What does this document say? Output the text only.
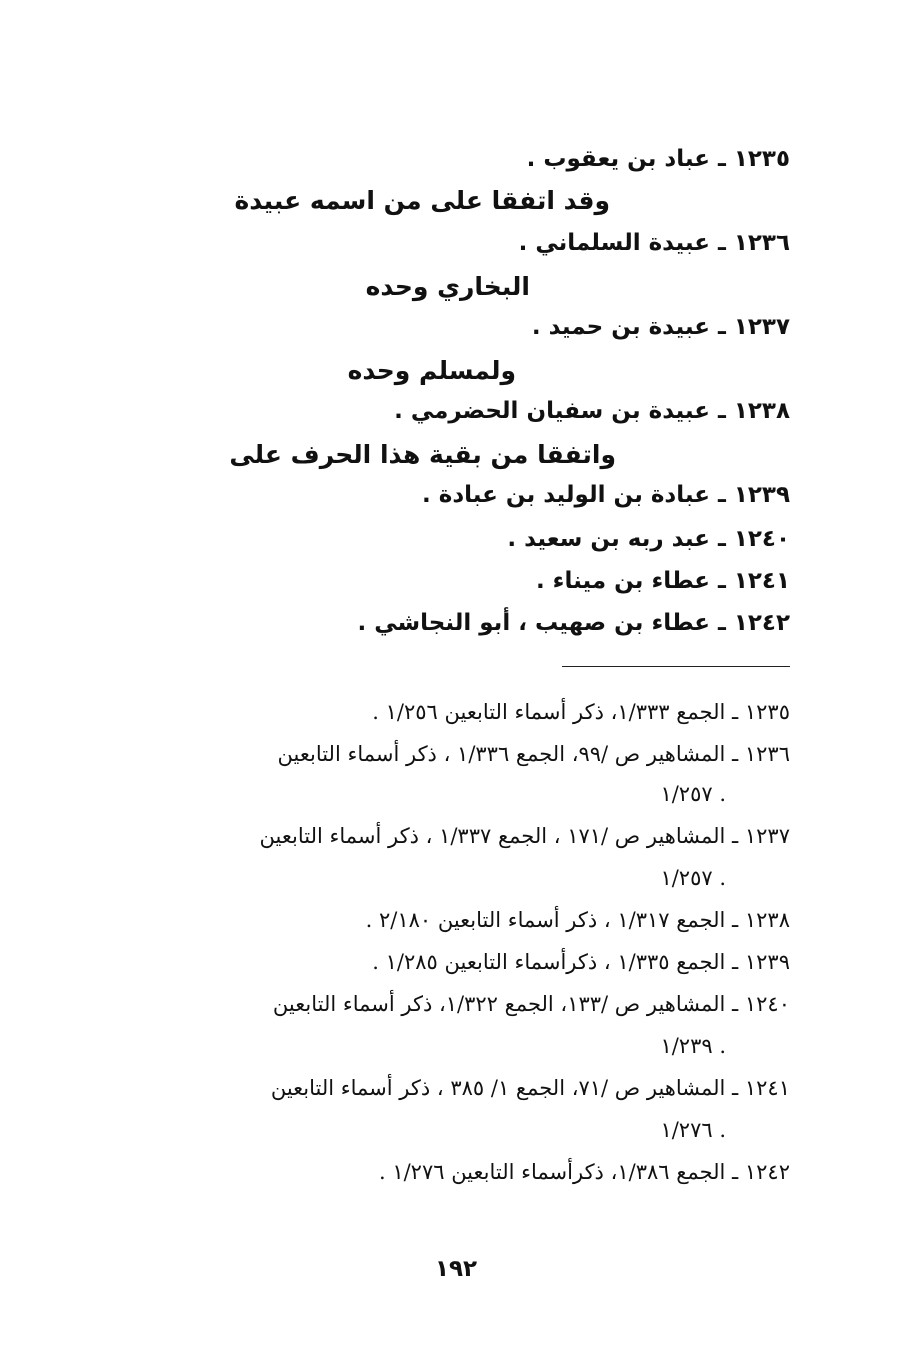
١٢٣٥ ـ عباد بن يعقوب .
وقد اتفقا على من اسمه عبيدة
١٢٣٦ ـ عبيدة السلماني .
البخاري وحده
١٢٣٧ ـ عبيدة بن حميد .
ولمسلم وحده
١٢٣٨ ـ عبيدة بن سفيان الحضرمي .
واتفقا من بقية هذا الحرف على
١٢٣٩ ـ عبادة بن الوليد بن عبادة .
١٢٤٠ ـ عبد ربه بن سعيد .
١٢٤١ ـ عطاء بن ميناء .
١٢٤٢ ـ عطاء بن صهيب ، أبو النجاشي .
١٢٣٥ ـ الجمع ١/٣٣٣، ذكر أسماء التابعين ١/٢٥٦ .
١٢٣٦ ـ المشاهير ص /٩٩، الجمع ١/٣٣٦ ، ذكر أسماء التابعين
١/٢٥٧ .
١٢٣٧ ـ المشاهير ص /١٧١ ، الجمع ١/٣٣٧ ، ذكر أسماء التابعين
١/٢٥٧ .
١٢٣٨ ـ الجمع ١/٣١٧ ، ذكر أسماء التابعين ٢/١٨٠ .
١٢٣٩ ـ الجمع ١/٣٣٥ ، ذكرأسماء التابعين ١/٢٨٥ .
١٢٤٠ ـ المشاهير ص /١٣٣، الجمع ١/٣٢٢، ذكر أسماء التابعين
١/٢٣٩ .
١٢٤١ ـ المشاهير ص /٧١، الجمع ١/ ٣٨٥ ، ذكر أسماء التابعين
١/٢٧٦ .
١٢٤٢ ـ الجمع ١/٣٨٦، ذكرأسماء التابعين ١/٢٧٦ .
١٩٢
